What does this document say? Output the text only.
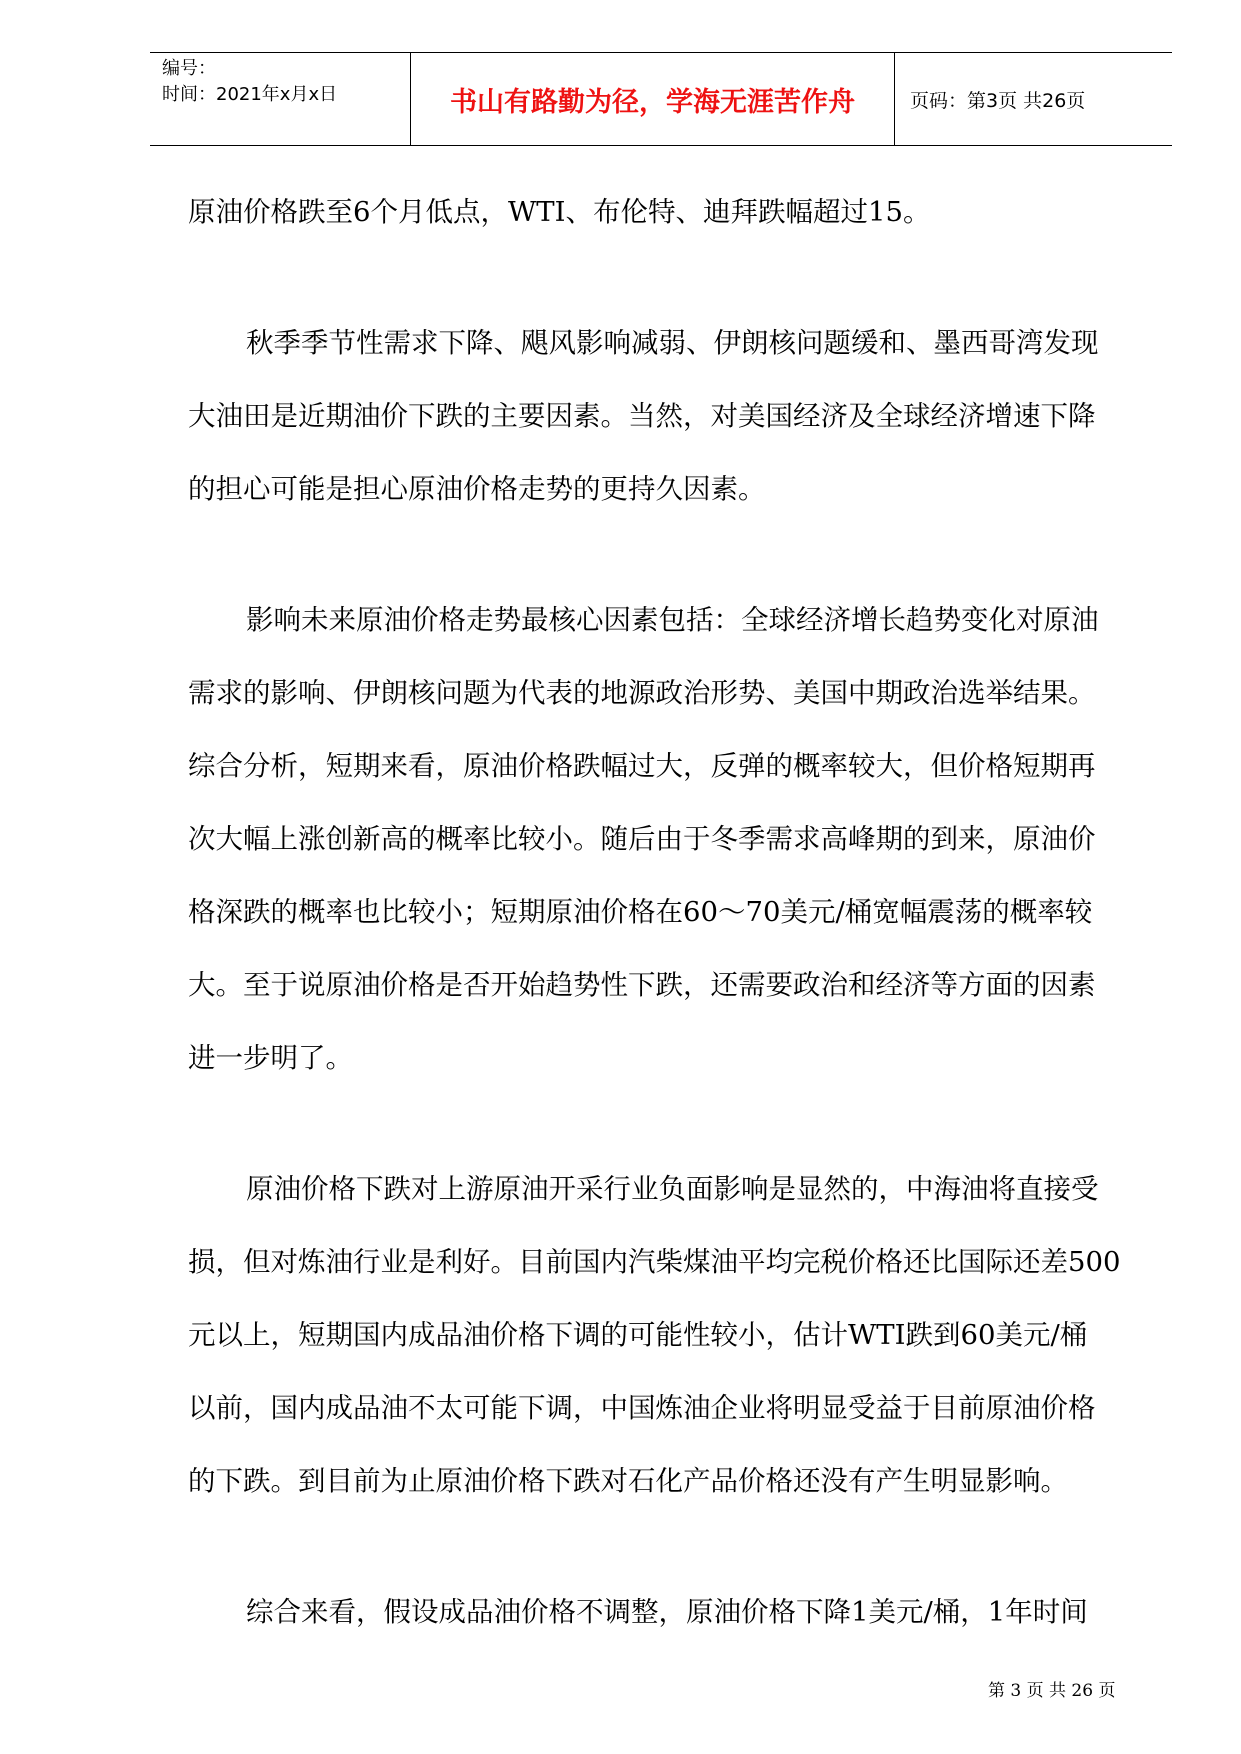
编号：
时间：2021年x月x日	书山有路勤为径，学海无涯苦作舟	页码：第3页 共26页

原油价格跌至6个月低点，WTI、布伦特、迪拜跌幅超过15。

秋季季节性需求下降、飓风影响减弱、伊朗核问题缓和、墨西哥湾发现

大油田是近期油价下跌的主要因素。当然，对美国经济及全球经济增速下降

的担心可能是担心原油价格走势的更持久因素。

影响未来原油价格走势最核心因素包括：全球经济增长趋势变化对原油

需求的影响、伊朗核问题为代表的地源政治形势、美国中期政治选举结果。

综合分析，短期来看，原油价格跌幅过大，反弹的概率较大，但价格短期再

次大幅上涨创新高的概率比较小。随后由于冬季需求高峰期的到来，原油价

格深跌的概率也比较小；短期原油价格在60～70美元/桶宽幅震荡的概率较

大。至于说原油价格是否开始趋势性下跌，还需要政治和经济等方面的因素

进一步明了。

原油价格下跌对上游原油开采行业负面影响是显然的，中海油将直接受

损，但对炼油行业是利好。目前国内汽柴煤油平均完税价格还比国际还差500

元以上，短期国内成品油价格下调的可能性较小，估计WTI跌到60美元/桶

以前，国内成品油不太可能下调，中国炼油企业将明显受益于目前原油价格

的下跌。到目前为止原油价格下跌对石化产品价格还没有产生明显影响。

综合来看，假设成品油价格不调整，原油价格下降1美元/桶，1年时间

第 3 页 共 26 页
